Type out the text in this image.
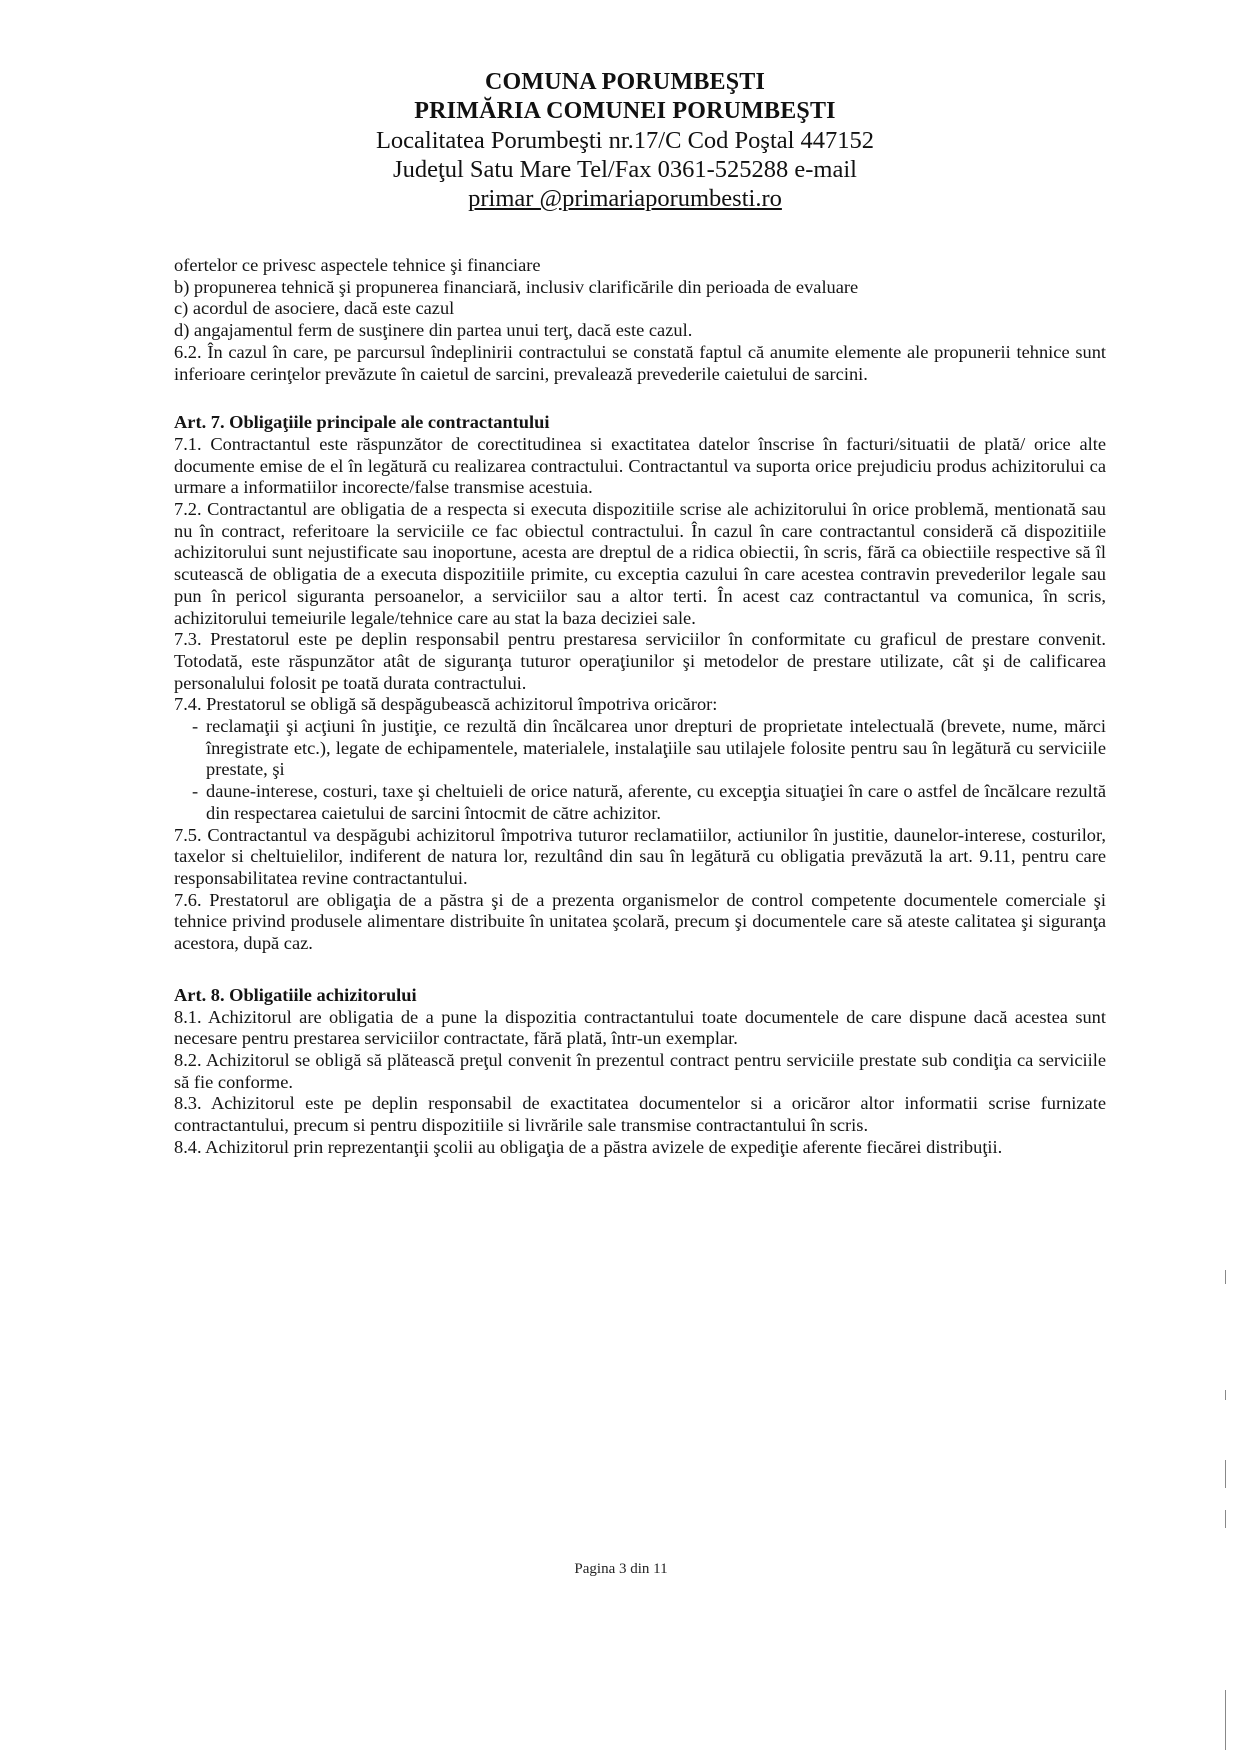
COMUNA PORUMBEŞTI
PRIMĂRIA COMUNEI PORUMBEŞTI
Localitatea Porumbeşti nr.17/C Cod Poştal 447152
Judeţul Satu Mare Tel/Fax 0361-525288 e-mail
primar @primariaporumbesti.ro

ofertelor ce privesc aspectele tehnice şi financiare

b) propunerea tehnică şi propunerea financiară, inclusiv clarificările din perioada de evaluare

c) acordul de asociere, dacă este cazul

d) angajamentul ferm de susţinere din partea unui terţ, dacă este cazul.

6.2. În cazul în care, pe parcursul îndeplinirii contractului se constată faptul că anumite elemente ale propunerii tehnice sunt inferioare cerinţelor prevăzute în caietul de sarcini, prevalează prevederile caietului de sarcini.

Art. 7. Obligaţiile principale ale contractantului

7.1. Contractantul este răspunzător de corectitudinea si exactitatea datelor înscrise în facturi/situatii de plată/ orice alte documente emise de el în legătură cu realizarea contractului. Contractantul va suporta orice prejudiciu produs achizitorului ca urmare a informatiilor incorecte/false transmise acestuia.

7.2. Contractantul are obligatia de a respecta si executa dispozitiile scrise ale achizitorului în orice problemă, mentionată sau nu în contract, referitoare la serviciile ce fac obiectul contractului. În cazul în care contractantul consideră că dispozitiile achizitorului sunt nejustificate sau inoportune, acesta are dreptul de a ridica obiectii, în scris, fără ca obiectiile respective să îl scutească de obligatia de a executa dispozitiile primite, cu exceptia cazului în care acestea contravin prevederilor legale sau pun în pericol siguranta persoanelor, a serviciilor sau a altor terti. În acest caz contractantul va comunica, în scris, achizitorului temeiurile legale/tehnice care au stat la baza deciziei sale.

7.3. Prestatorul este pe deplin responsabil pentru prestaresa serviciilor în conformitate cu graficul de prestare convenit. Totodată, este răspunzător atât de siguranţa tuturor operaţiunilor şi metodelor de prestare utilizate, cât şi de calificarea personalului folosit pe toată durata contractului.

7.4. Prestatorul se obligă să despăgubească achizitorul împotriva oricăror:

- reclamaţii şi acţiuni în justiţie, ce rezultă din încălcarea unor drepturi de proprietate intelectuală (brevete, nume, mărci înregistrate etc.), legate de echipamentele, materialele, instalaţiile sau utilajele folosite pentru sau în legătură cu serviciile prestate, şi

- daune-interese, costuri, taxe şi cheltuieli de orice natură, aferente, cu excepţia situaţiei în care o astfel de încălcare rezultă din respectarea caietului de sarcini întocmit de către achizitor.

7.5. Contractantul va despăgubi achizitorul împotriva tuturor reclamatiilor, actiunilor în justitie, daunelor-interese, costurilor, taxelor si cheltuielilor, indiferent de natura lor, rezultând din sau în legătură cu obligatia prevăzută la art. 9.11, pentru care responsabilitatea revine contractantului.

7.6. Prestatorul are obligaţia de a păstra şi de a prezenta organismelor de control competente documentele comerciale şi tehnice privind produsele alimentare distribuite în unitatea şcolară, precum şi documentele care să ateste calitatea şi siguranţa acestora, după caz.

Art. 8. Obligatiile achizitorului

8.1. Achizitorul are obligatia de a pune la dispozitia contractantului toate documentele de care dispune dacă acestea sunt necesare pentru prestarea serviciilor contractate, fără plată, într-un exemplar.

8.2. Achizitorul se obligă să plătească preţul convenit în prezentul contract pentru serviciile prestate sub condiţia ca serviciile să fie conforme.

8.3. Achizitorul este pe deplin responsabil de exactitatea documentelor si a oricăror altor informatii scrise furnizate contractantului, precum si pentru dispozitiile si livrările sale transmise contractantului în scris.

8.4. Achizitorul prin reprezentanţii şcolii au obligaţia de a păstra avizele de expediţie aferente fiecărei distribuţii.

Pagina 3 din 11
